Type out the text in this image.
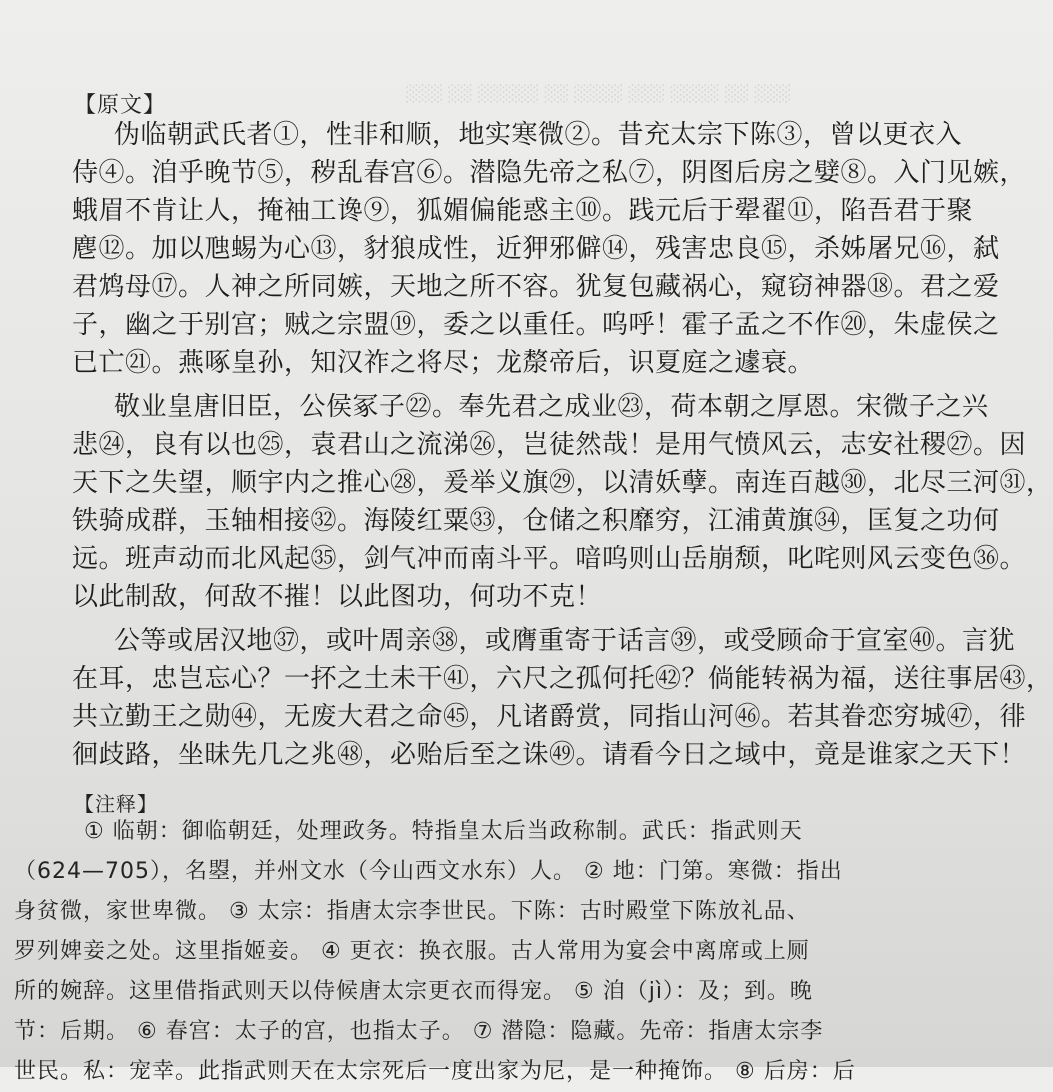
░░░ ░░ ░░░░ ░░░ ░░░░ ░░ ░░░░░ ░░ ░░░
【原文】
伪临朝武氏者①，性非和顺，地实寒微②。昔充太宗下陈③，曾以更衣入
侍④。洎乎晚节⑤，秽乱春宫⑥。潜隐先帝之私⑦，阴图后房之嬖⑧。入门见嫉，
蛾眉不肯让人，掩袖工谗⑨，狐媚偏能惑主⑩。践元后于翚翟⑪，陷吾君于聚
麀⑫。加以虺蜴为心⑬，豺狼成性，近狎邪僻⑭，残害忠良⑮，杀姊屠兄⑯，弑
君鸩母⑰。人神之所同嫉，天地之所不容。犹复包藏祸心，窥窃神器⑱。君之爱
子，幽之于别宫；贼之宗盟⑲，委之以重任。呜呼！霍子孟之不作⑳，朱虚侯之
已亡㉑。燕啄皇孙，知汉祚之将尽；龙漦帝后，识夏庭之遽衰。
敬业皇唐旧臣，公侯冢子㉒。奉先君之成业㉓，荷本朝之厚恩。宋微子之兴
悲㉔，良有以也㉕，袁君山之流涕㉖，岂徒然哉！是用气愤风云，志安社稷㉗。因
天下之失望，顺宇内之推心㉘，爰举义旗㉙，以清妖孽。南连百越㉚，北尽三河㉛，
铁骑成群，玉轴相接㉜。海陵红粟㉝，仓储之积靡穷，江浦黄旗㉞，匡复之功何
远。班声动而北风起㉟，剑气冲而南斗平。喑呜则山岳崩颓，叱咤则风云变色㊱。
以此制敌，何敌不摧！以此图功，何功不克！
公等或居汉地㊲，或叶周亲㊳，或膺重寄于话言㊴，或受顾命于宣室㊵。言犹
在耳，忠岂忘心？一抔之土未干㊶，六尺之孤何托㊷？倘能转祸为福，送往事居㊸，
共立勤王之勋㊹，无废大君之命㊺，凡诸爵赏，同指山河㊻。若其眷恋穷城㊼，徘
徊歧路，坐昧先几之兆㊽，必贻后至之诛㊾。请看今日之域中，竟是谁家之天下！
【注释】
① 临朝：御临朝廷，处理政务。特指皇太后当政称制。武氏：指武则天
（624—705），名曌，并州文水（今山西文水东）人。 ② 地：门第。寒微：指出
身贫微，家世卑微。 ③ 太宗：指唐太宗李世民。下陈：古时殿堂下陈放礼品、
罗列婢妾之处。这里指姬妾。 ④ 更衣：换衣服。古人常用为宴会中离席或上厕
所的婉辞。这里借指武则天以侍候唐太宗更衣而得宠。 ⑤ 洎（jì）：及；到。晚
节：后期。 ⑥ 春宫：太子的宫，也指太子。 ⑦ 潜隐：隐藏。先帝：指唐太宗李
世民。私：宠幸。此指武则天在太宗死后一度出家为尼，是一种掩饰。 ⑧ 后房：后
